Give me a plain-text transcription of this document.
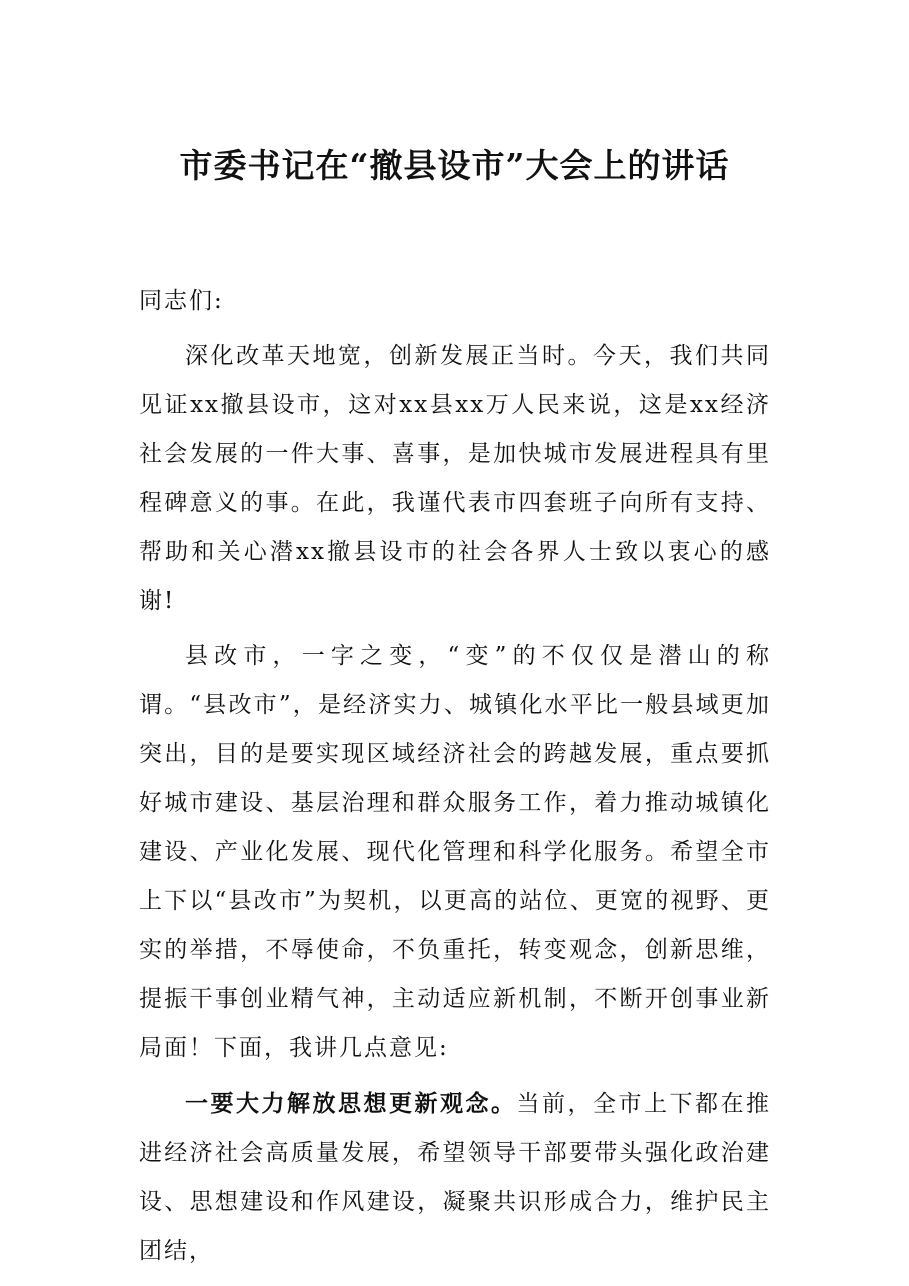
市委书记在“撤县设市”大会上的讲话

同志们:

深化改革天地宽，创新发展正当时。今天，我们共同见证xx撤县设市，这对xx县xx万人民来说，这是xx经济社会发展的一件大事、喜事，是加快城市发展进程具有里程碑意义的事。在此，我谨代表市四套班子向所有支持、帮助和关心潜xx撤县设市的社会各界人士致以衷心的感谢!

县改市，一字之变，“变”的不仅仅是潜山的称谓。“县改市”，是经济实力、城镇化水平比一般县域更加突出，目的是要实现区域经济社会的跨越发展，重点要抓好城市建设、基层治理和群众服务工作，着力推动城镇化建设、产业化发展、现代化管理和科学化服务。希望全市上下以“县改市”为契机，以更高的站位、更宽的视野、更实的举措，不辱使命，不负重托，转变观念，创新思维，提振干事创业精气神，主动适应新机制，不断开创事业新局面！下面，我讲几点意见:

一要大力解放思想更新观念。当前，全市上下都在推进经济社会高质量发展，希望领导干部要带头强化政治建设、思想建设和作风建设，凝聚共识形成合力，维护民主团结，
